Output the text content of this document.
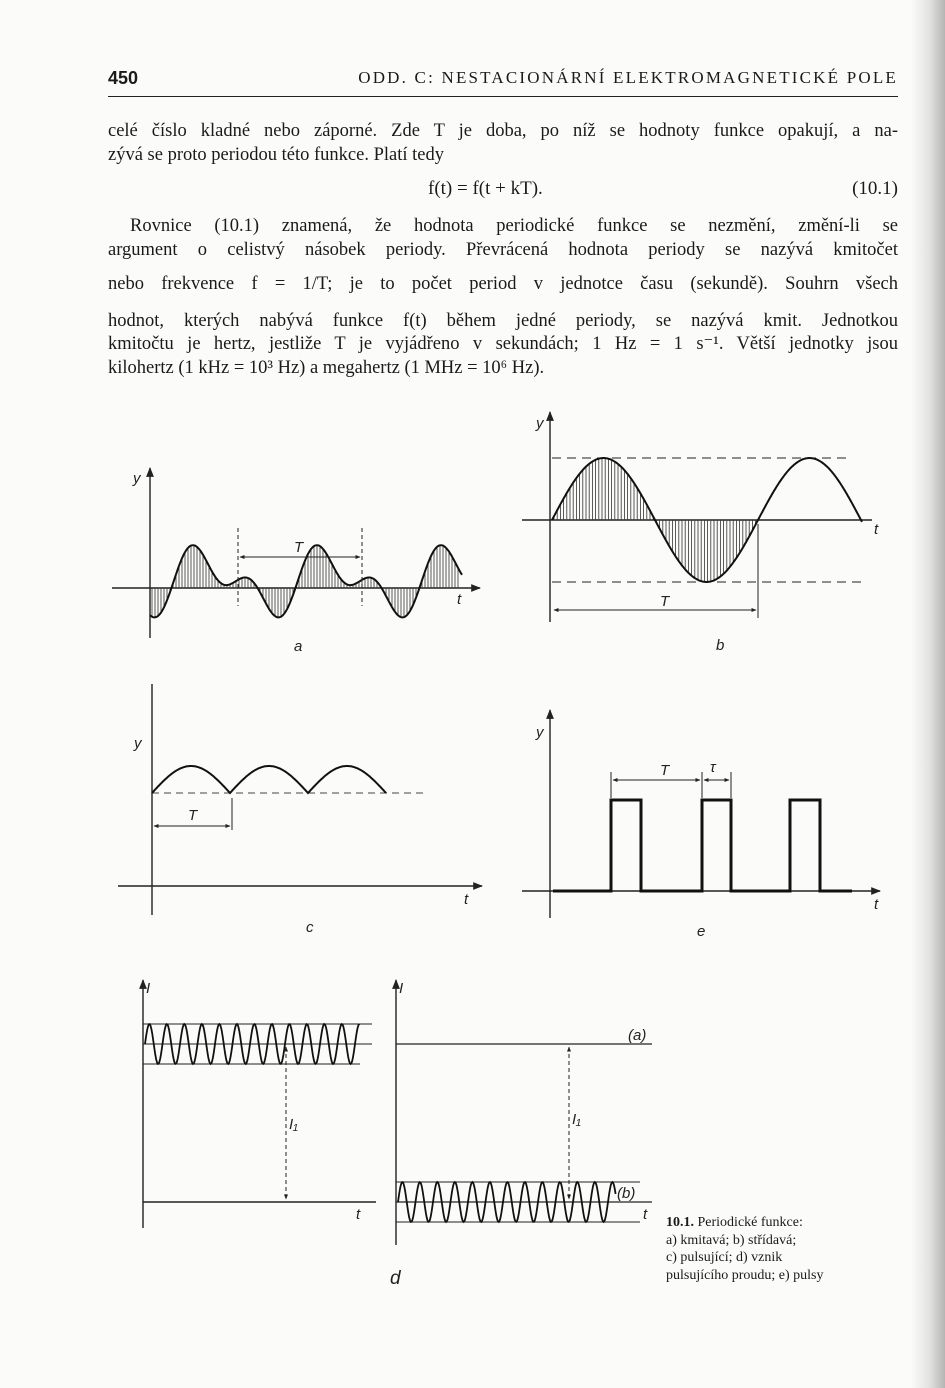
450	ODD. C: NESTACIONÁRNÍ ELEKTROMAGNETICKÉ POLE
celé číslo kladné nebo záporné. Zde T je doba, po níž se hodnoty funkce opakují, a na-
zývá se proto periodou této funkce. Platí tedy
f(t) = f(t + kT).	(10.1)
Rovnice (10.1) znamená, že hodnota periodické funkce se nezmění, změní-li se
argument o celistvý násobek periody. Převrácená hodnota periody se nazývá kmitočet
nebo frekvence f = 1/T; je to počet period v jednotce času (sekundě). Souhrn všech
hodnot, kterých nabývá funkce f(t) během jedné periody, se nazývá kmit. Jednotkou
kmitočtu je hertz, jestliže T je vyjádřeno v sekundách; 1 Hz = 1 s⁻¹. Větší jednotky jsou
kilohertz (1 kHz = 10³ Hz) a megahertz (1 MHz = 10⁶ Hz).
y
t
T
a
y
t
T
b
y
t
T
c
y
t
T	τ
e
I
t
I₁
I
(a)
(b)
t
I₁
d
10.1. Periodické funkce:
a) kmitavá; b) střídavá;
c) pulsující; d) vznik
pulsujícího proudu; e) pulsy
